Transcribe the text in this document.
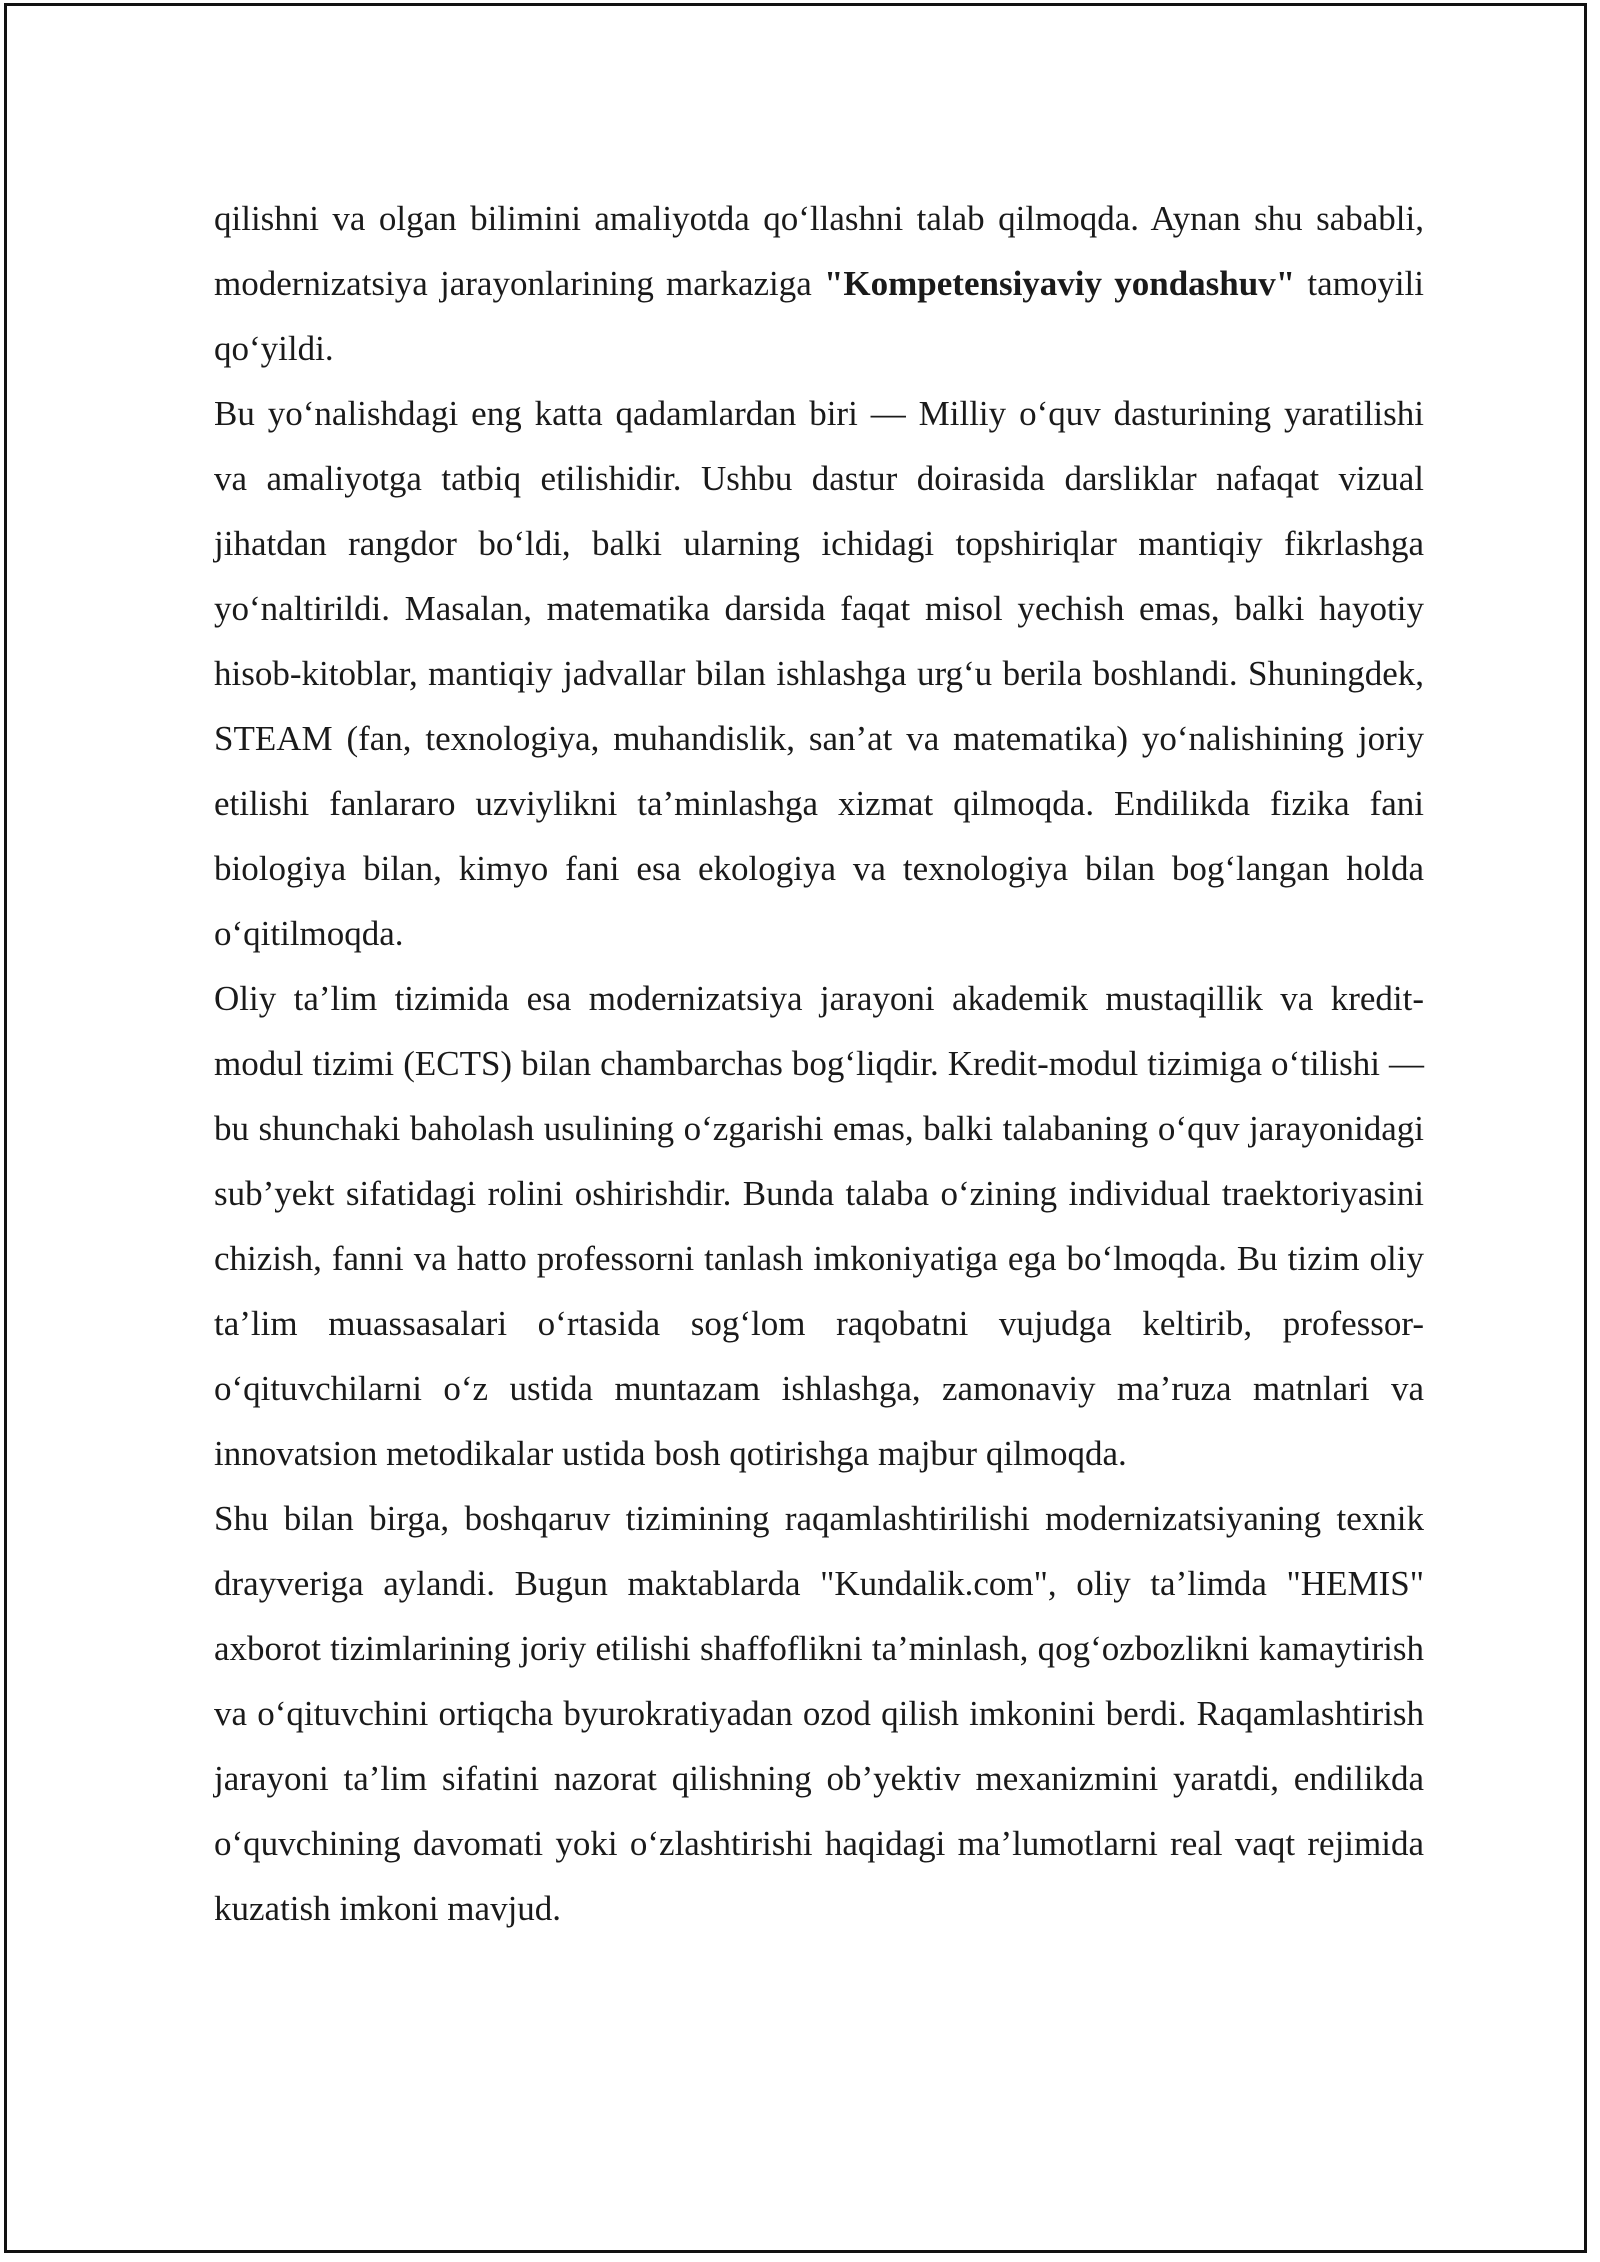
qilishni va olgan bilimini amaliyotda qo‘llashni talab qilmoqda. Aynan shu sababli, modernizatsiya jarayonlarining markaziga "Kompetensiyaviy yondashuv" tamoyili qo‘yildi.

Bu yo‘nalishdagi eng katta qadamlardan biri — Milliy o‘quv dasturining yaratilishi va amaliyotga tatbiq etilishidir. Ushbu dastur doirasida darsliklar nafaqat vizual jihatdan rangdor bo‘ldi, balki ularning ichidagi topshiriqlar mantiqiy fikrlashga yo‘naltirildi. Masalan, matematika darsida faqat misol yechish emas, balki hayotiy hisob-kitoblar, mantiqiy jadvallar bilan ishlashga urg‘u berila boshlandi. Shuningdek, STEAM (fan, texnologiya, muhandislik, san’at va matematika) yo‘nalishining joriy etilishi fanlararo uzviylikni ta’minlashga xizmat qilmoqda. Endilikda fizika fani biologiya bilan, kimyo fani esa ekologiya va texnologiya bilan bog‘langan holda o‘qitilmoqda.

Oliy ta’lim tizimida esa modernizatsiya jarayoni akademik mustaqillik va kredit-modul tizimi (ECTS) bilan chambarchas bog‘liqdir. Kredit-modul tizimiga o‘tilishi — bu shunchaki baholash usulining o‘zgarishi emas, balki talabaning o‘quv jarayonidagi sub’yekt sifatidagi rolini oshirishdir. Bunda talaba o‘zining individual traektoriyasini chizish, fanni va hatto professorni tanlash imkoniyatiga ega bo‘lmoqda. Bu tizim oliy ta’lim muassasalari o‘rtasida sog‘lom raqobatni vujudga keltirib, professor-o‘qituvchilarni o‘z ustida muntazam ishlashga, zamonaviy ma’ruza matnlari va innovatsion metodikalar ustida bosh qotirishga majbur qilmoqda.

Shu bilan birga, boshqaruv tizimining raqamlashtirilishi modernizatsiyaning texnik drayveriga aylandi. Bugun maktablarda "Kundalik.com", oliy ta’limda "HEMIS" axborot tizimlarining joriy etilishi shaffoflikni ta’minlash, qog‘ozbozlikni kamaytirish va o‘qituvchini ortiqcha byurokratiyadan ozod qilish imkonini berdi. Raqamlashtirish jarayoni ta’lim sifatini nazorat qilishning ob’yektiv mexanizmini yaratdi, endilikda o‘quvchining davomati yoki o‘zlashtirishi haqidagi ma’lumotlarni real vaqt rejimida kuzatish imkoni mavjud.
